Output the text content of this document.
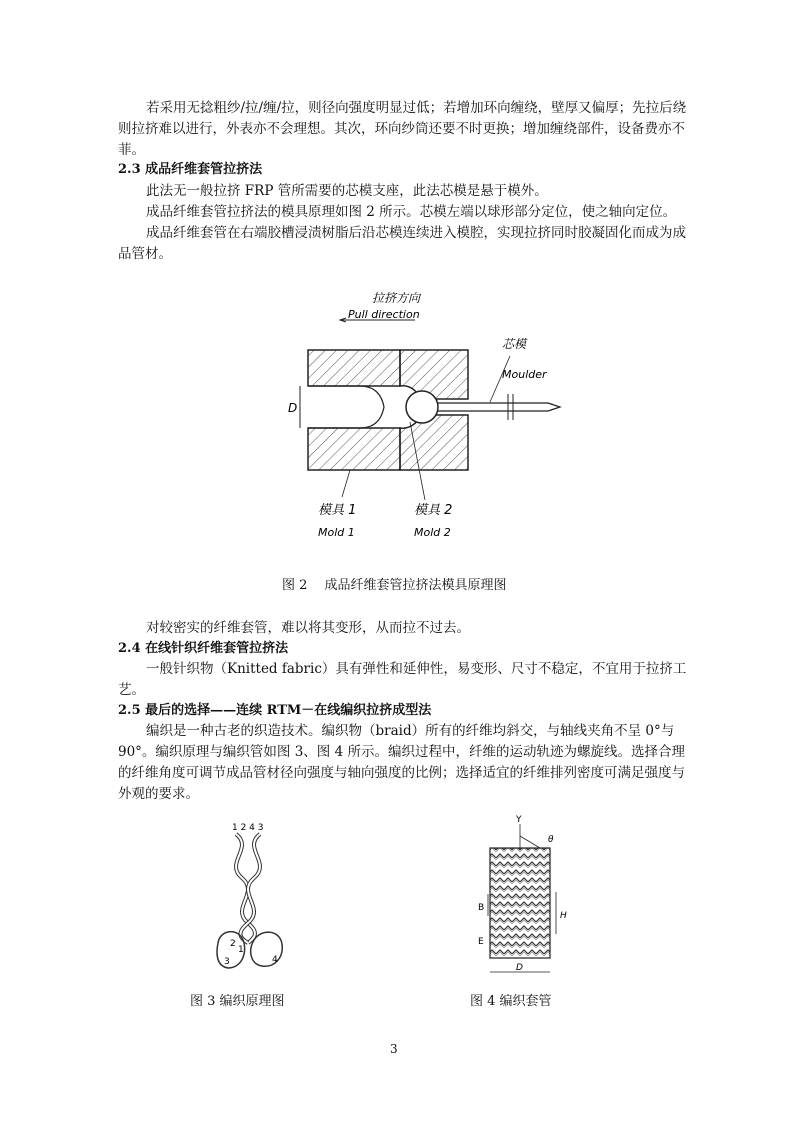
若采用无捻粗纱/拉/缠/拉，则径向强度明显过低；若增加环向缠绕，壁厚又偏厚；先拉后绕则拉挤难以进行，外表亦不会理想。其次，环向纱筒还要不时更换；增加缠绕部件，设备费亦不菲。
2.3 成品纤维套管拉挤法
此法无一般拉挤 FRP 管所需要的芯模支座，此法芯模是悬于模外。
成品纤维套管拉挤法的模具原理如图 2 所示。芯模左端以球形部分定位，使之轴向定位。
成品纤维套管在右端胶槽浸渍树脂后沿芯模连续进入模腔，实现拉挤同时胶凝固化而成为成品管材。
拉挤方向
Pull direction
D
芯模
Moulder
模具 1
Mold 1
模具 2
Mold 2
图 2　 成品纤维套管拉挤法模具原理图
对较密实的纤维套管，难以将其变形，从而拉不过去。
2.4 在线针织纤维套管拉挤法
一般针织物（Knitted fabric）具有弹性和延伸性，易变形、尺寸不稳定，不宜用于拉挤工艺。
2.5 最后的选择——连续 RTM－在线编织拉挤成型法
编织是一种古老的织造技术。编织物（braid）所有的纤维均斜交，与轴线夹角不呈 0°与 90°。编织原理与编织管如图 3、图 4 所示。编织过程中，纤维的运动轨迹为螺旋线。选择合理的纤维角度可调节成品管材径向强度与轴向强度的比例；选择适宜的纤维排列密度可满足强度与外观的要求。
1 2 4 3
2
1
3	4
图 3 编织原理图
Y
θ
B
E
H
D
图 4 编织套管
3
